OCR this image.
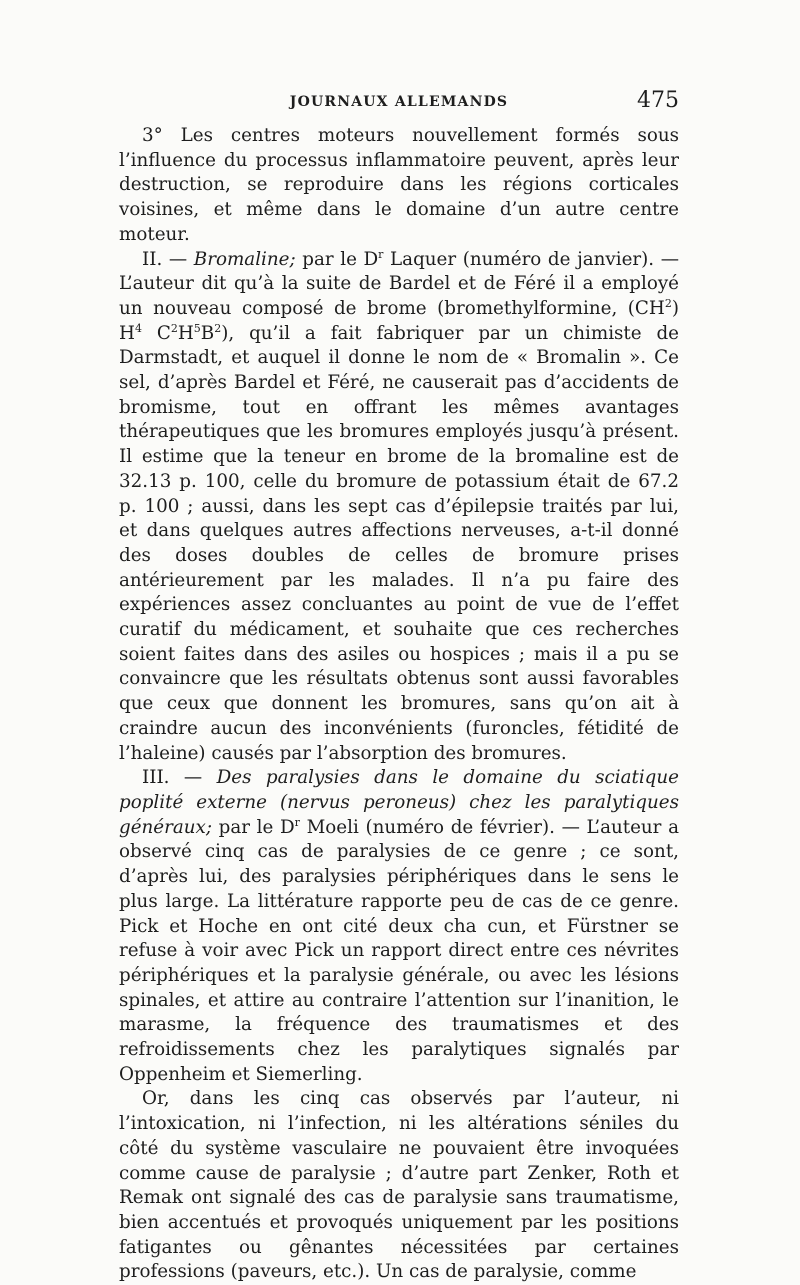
JOURNAUX ALLEMANDS	475

3° Les centres moteurs nouvellement formés sous l’influence du processus inflammatoire peuvent, après leur destruction, se reproduire dans les régions corticales voisines, et même dans le domaine d’un autre centre moteur.

II. — Bromaline; par le $D^r$ Laquer (numéro de janvier). — L’auteur dit qu’à la suite de Bardel et de Féré il a employé un nouveau composé de brome (bromethylformine, $(CH^2)$ $H^4$ $C^2H^5B^2$), qu’il a fait fabriquer par un chimiste de Darmstadt, et auquel il donne le nom de « Bromalin ». Ce sel, d’après Bardel et Féré, ne causerait pas d’accidents de bromisme, tout en offrant les mêmes avantages thérapeutiques que les bromures employés jusqu’à présent. Il estime que la teneur en brome de la bromaline est de 32.13 p. 100, celle du bromure de potassium était de 67.2 p. 100 ; aussi, dans les sept cas d’épilepsie traités par lui, et dans quelques autres affections nerveuses, a-t-il donné des doses doubles de celles de bromure prises antérieurement par les malades. Il n’a pu faire des expériences assez concluantes au point de vue de l’effet curatif du médicament, et souhaite que ces recherches soient faites dans des asiles ou hospices ; mais il a pu se convaincre que les résultats obtenus sont aussi favorables que ceux que donnent les bromures, sans qu’on ait à craindre aucun des inconvénients (furoncles, fétidité de l’haleine) causés par l’absorption des bromures.

III. — Des paralysies dans le domaine du sciatique poplité externe (nervus peroneus) chez les paralytiques généraux; par le $D^r$ Moeli (numéro de février). — L’auteur a observé cinq cas de paralysies de ce genre ; ce sont, d’après lui, des paralysies périphériques dans le sens le plus large. La littérature rapporte peu de cas de ce genre. Pick et Hoche en ont cité deux cha cun, et Fürstner se refuse à voir avec Pick un rapport direct entre ces névrites périphériques et la paralysie générale, ou avec les lésions spinales, et attire au contraire l’attention sur l’inanition, le marasme, la fréquence des traumatismes et des refroidissements chez les paralytiques signalés par Oppenheim et Siemerling.

Or, dans les cinq cas observés par l’auteur, ni l’intoxication, ni l’infection, ni les altérations séniles du côté du système vasculaire ne pouvaient être invoquées comme cause de paralysie ; d’autre part Zenker, Roth et Remak ont signalé des cas de paralysie sans traumatisme, bien accentués et provoqués uniquement par les positions fatigantes ou gênantes nécessitées par certaines professions (paveurs, etc.). Un cas de paralysie, comme
